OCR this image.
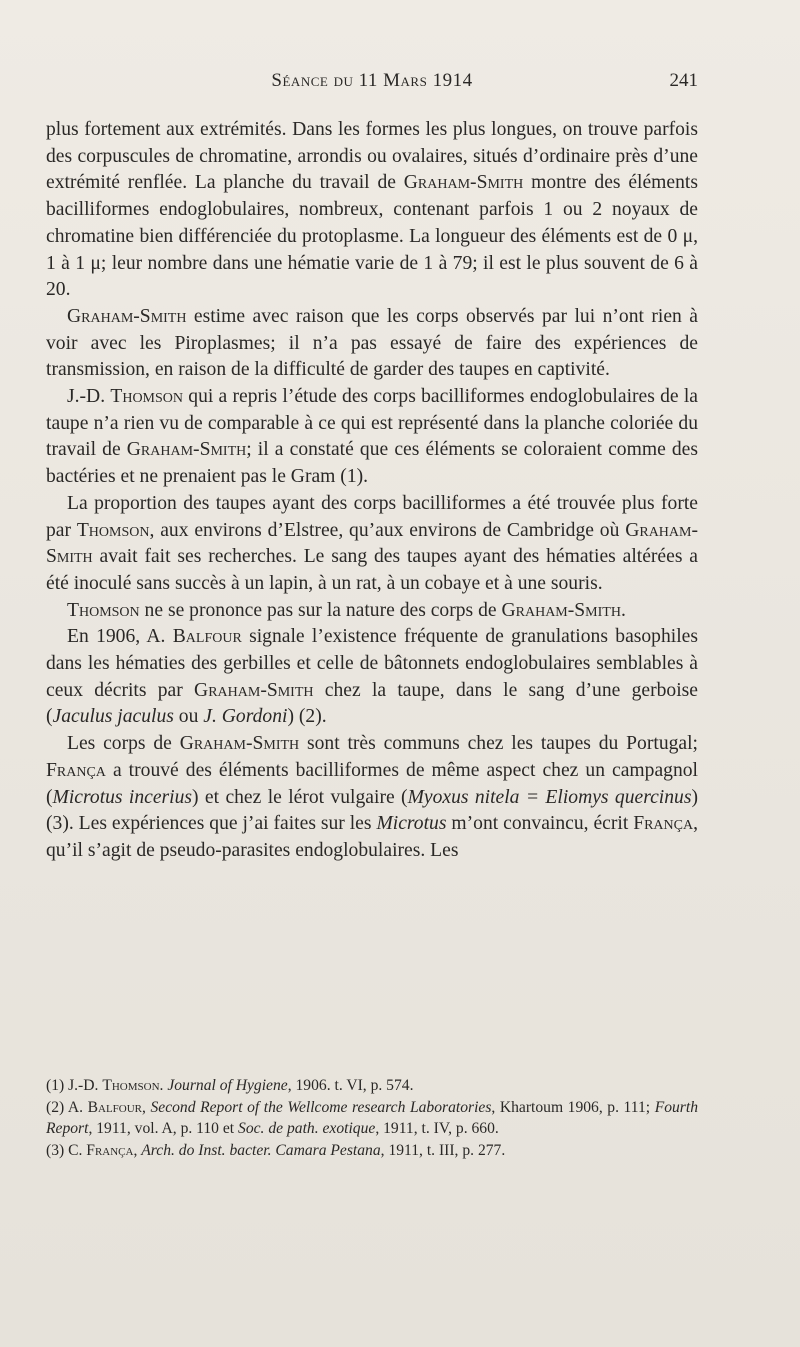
Séance du 11 Mars 1914	241

plus fortement aux extrémités. Dans les formes les plus longues, on trouve parfois des corpuscules de chromatine, arrondis ou ovalaires, situés d’ordinaire près d’une extrémité renflée. La planche du travail de Graham-Smith montre des éléments bacilliformes endoglobulaires, nombreux, contenant parfois 1 ou 2 noyaux de chromatine bien différenciée du protoplasme. La longueur des éléments est de 0 μ, 1 à 1 μ; leur nombre dans une hématie varie de 1 à 79; il est le plus souvent de 6 à 20.

Graham-Smith estime avec raison que les corps observés par lui n’ont rien à voir avec les Piroplasmes; il n’a pas essayé de faire des expériences de transmission, en raison de la difficulté de garder des taupes en captivité.

J.-D. Thomson qui a repris l’étude des corps bacilliformes endoglobulaires de la taupe n’a rien vu de comparable à ce qui est représenté dans la planche coloriée du travail de Graham-Smith; il a constaté que ces éléments se coloraient comme des bactéries et ne prenaient pas le Gram (1).

La proportion des taupes ayant des corps bacilliformes a été trouvée plus forte par Thomson, aux environs d’Elstree, qu’aux environs de Cambridge où Graham-Smith avait fait ses recherches. Le sang des taupes ayant des hématies altérées a été inoculé sans succès à un lapin, à un rat, à un cobaye et à une souris.

Thomson ne se prononce pas sur la nature des corps de Graham-Smith.

En 1906, A. Balfour signale l’existence fréquente de granulations basophiles dans les hématies des gerbilles et celle de bâtonnets endoglobulaires semblables à ceux décrits par Graham-Smith chez la taupe, dans le sang d’une gerboise (Jaculus jaculus ou J. Gordoni) (2).

Les corps de Graham-Smith sont très communs chez les taupes du Portugal; França a trouvé des éléments bacilliformes de même aspect chez un campagnol (Microtus incerius) et chez le lérot vulgaire (Myoxus nitela = Eliomys quercinus) (3). Les expériences que j’ai faites sur les Microtus m’ont convaincu, écrit França, qu’il s’agit de pseudo-parasites endoglobulaires. Les

(1) J.-D. Thomson. Journal of Hygiene, 1906. t. VI, p. 574.

(2) A. Balfour, Second Report of the Wellcome research Laboratories, Khartoum 1906, p. 111; Fourth Report, 1911, vol. A, p. 110 et Soc. de path. exotique, 1911, t. IV, p. 660.

(3) C. França, Arch. do Inst. bacter. Camara Pestana, 1911, t. III, p. 277.
